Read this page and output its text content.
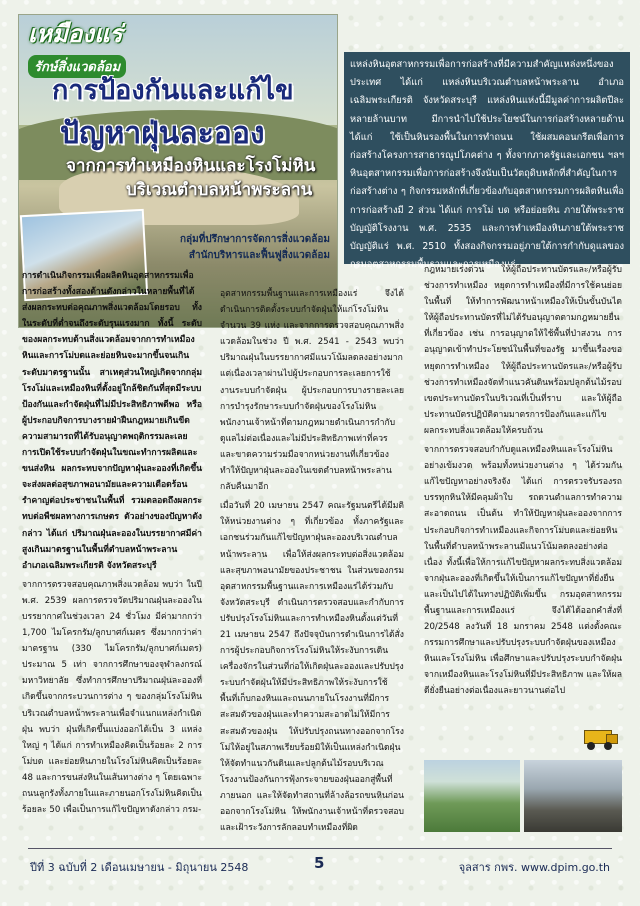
เหมืองแร่
รักษ์สิ่งแวดล้อม
การป้องกันและแก้ไข
ปัญหาฝุ่นละออง
จากการทำเหมืองหินและโรงโม่หิน
บริเวณตำบลหน้าพระลาน
กลุ่มที่ปรึกษาการจัดการสิ่งแวดล้อม
สำนักบริหารและฟื้นฟูสิ่งแวดล้อม
แหล่งหินอุตสาหกรรมเพื่อการก่อสร้างที่มีความสำคัญแหล่งหนึ่งของประเทศ ได้แก่ แหล่งหินบริเวณตำบลหน้าพระลาน อำเภอเฉลิมพระเกียรติ จังหวัดสระบุรี แหล่งหินแห่งนี้มีมูลค่าการผลิตปีละหลายล้านบาท มีการนำไปใช้ประโยชน์ในการก่อสร้างหลายด้าน ได้แก่ ใช้เป็นหินรองพื้นในการทำถนน ใช้ผสมคอนกรีตเพื่อการก่อสร้างโครงการสาธารณูปโภคต่าง ๆ ทั้งจากภาครัฐและเอกชน ฯลฯ หินอุตสาหกรรมเพื่อการก่อสร้างจึงนับเป็นวัตถุดิบหลักที่สำคัญในการก่อสร้างต่าง ๆ กิจกรรมหลักที่เกี่ยวข้องกับอุตสาหกรรมการผลิตหินเพื่อการก่อสร้างมี 2 ส่วน ได้แก่ การโม่ บด หรือย่อยหิน ภายใต้พระราชบัญญัติโรงงาน พ.ศ. 2535 และการทำเหมืองหินภายใต้พระราชบัญญัติแร่ พ.ศ. 2510 ทั้งสองกิจกรรมอยู่ภายใต้การกำกับดูแลของ กรมอุตสาหกรรมพื้นฐานและการเหมืองแร่

การดำเนินกิจกรรมเพื่อผลิตหินอุตสาหกรรมเพื่อการก่อสร้างทั้งสองด้านดังกล่าวในหลายพื้นที่ได้ส่งผลกระทบต่อคุณภาพสิ่งแวดล้อมโดยรอบ ทั้งในระดับที่ต่ำจนถึงระดับรุนแรงมาก ทั้งนี้ ระดับของผลกระทบด้านสิ่งแวดล้อมจากการทำเหมืองหินและการโม่บดและย่อยหินจะมากขึ้นจนเกินระดับมาตรฐานนั้น สาเหตุส่วนใหญ่เกิดจากกลุ่มโรงโม่และเหมืองหินที่ตั้งอยู่ใกล้ชิดกันที่สุดมีระบบป้องกันและกำจัดฝุ่นที่ไม่มีประสิทธิภาพดีพอ หรือผู้ประกอบกิจการบางรายฝ่าฝืนกฎหมายเกินขีดความสามารถที่ได้รับอนุญาตพฤติกรรมละเลยการเปิดใช้ระบบกำจัดฝุ่นในขณะทำการผลิตและขนส่งหิน ผลกระทบจากปัญหาฝุ่นละอองที่เกิดขึ้นจะส่งผลต่อสุขภาพอนามัยและความเดือดร้อนรำคาญต่อประชาชนในพื้นที่ รวมตลอดถึงผลกระทบต่อพืชผลทางการเกษตร ตัวอย่างของปัญหาดังกล่าว ได้แก่ ปริมาณฝุ่นละอองในบรรยากาศมีค่าสูงเกินมาตรฐานในพื้นที่ตำบลหน้าพระลาน อำเภอเฉลิมพระเกียรติ จังหวัดสระบุรี

จากการตรวจสอบคุณภาพสิ่งแวดล้อม พบว่า ในปี พ.ศ. 2539 ผลการตรวจวัดปริมาณฝุ่นละอองในบรรยากาศในช่วงเวลา 24 ชั่วโมง มีค่ามากกว่า 1,700 ไมโครกรัม/ลูกบาศก์เมตร ซึ่งมากกว่าค่ามาตรฐาน (330 ไมโครกรัม/ลูกบาศก์เมตร) ประมาณ 5 เท่า จากการศึกษาของจุฬาลงกรณ์มหาวิทยาลัย ซึ่งทำการศึกษาปริมาณฝุ่นละอองที่เกิดขึ้นจากกระบวนการต่าง ๆ ของกลุ่มโรงโม่หินบริเวณตำบลหน้าพระลานเพื่อจำแนกแหล่งกำเนิดฝุ่น พบว่า ฝุ่นที่เกิดขึ้นแบ่งออกได้เป็น 3 แหล่งใหญ่ ๆ ได้แก่ การทำเหมืองคิดเป็นร้อยละ 2 การโม่บด และย่อยหินภายในโรงโม่หินคิดเป็นร้อยละ 48 และการขนส่งหินในเส้นทางต่าง ๆ โดยเฉพาะถนนลูกรังทั้งภายในและภายนอกโรงโม่หินคิดเป็นร้อยละ 50 เพื่อเป็นการแก้ไขปัญหาดังกล่าว กรม-

อุตสาหกรรมพื้นฐานและการเหมืองแร่ จึงได้ดำเนินการติดตั้งระบบกำจัดฝุ่นให้แก่โรงโม่หินจำนวน 39 แห่ง และจากการตรวจสอบคุณภาพสิ่งแวดล้อมในช่วง ปี พ.ศ. 2541 - 2543 พบว่า ปริมาณฝุ่นในบรรยากาศมีแนวโน้มลดลงอย่างมาก แต่เนื่องเวลาผ่านไปผู้ประกอบการละเลยการใช้งานระบบกำจัดฝุ่น ผู้ประกอบการบางรายละเลยการบำรุงรักษาระบบกำจัดฝุ่นของโรงโม่หิน พนักงานเจ้าหน้าที่ตามกฎหมายดำเนินการกำกับดูแลไม่ต่อเนื่องและไม่มีประสิทธิภาพเท่าที่ควร และขาดความร่วมมือจากหน่วยงานที่เกี่ยวข้อง ทำให้ปัญหาฝุ่นละอองในเขตตำบลหน้าพระลานกลับคืนมาอีก

เมื่อวันที่ 20 เมษายน 2547 คณะรัฐมนตรีได้มีมติให้หน่วยงานต่าง ๆ ที่เกี่ยวข้อง ทั้งภาครัฐและเอกชนร่วมกันแก้ไขปัญหาฝุ่นละอองบริเวณตำบลหน้าพระลาน เพื่อให้ส่งผลกระทบต่อสิ่งแวดล้อมและสุขภาพอนามัยของประชาชน ในส่วนของกรมอุตสาหกรรมพื้นฐานและการเหมืองแร่ได้ร่วมกับจังหวัดสระบุรี ดำเนินการตรวจสอบและกำกับการปรับปรุงโรงโม่หินและการทำเหมืองหินตั้งแต่วันที่ 21 เมษายน 2547 ถึงปัจจุบันการดำเนินการได้สั่งการผู้ประกอบกิจการโรงโม่หินให้ระงับการเดินเครื่องจักรในส่วนที่ก่อให้เกิดฝุ่นละอองและปรับปรุงระบบกำจัดฝุ่นให้มีประสิทธิภาพให้ระงับการใช้พื้นที่เก็บกองหินและถนนภายในโรงงานที่มีการสะสมตัวของฝุ่นและทำความสะอาดไม่ให้มีการสะสมตัวของฝุ่น ให้ปรับปรุงถนนทางออกจากโรงโม่ให้อยู่ในสภาพเรียบร้อยมิให้เป็นแหล่งกำเนิดฝุ่น ให้จัดทำแนวกันดินและปลูกต้นไม้รอบบริเวณโรงงานป้องกันการฟุ้งกระจายของฝุ่นออกสู่พื้นที่ภายนอก และให้จัดทำสถานที่ล้างล้อรถขนหินก่อนออกจากโรงโม่หิน ให้พนักงานเจ้าหน้าที่ตรวจสอบและเฝ้าระวังการลักลอบทำเหมืองที่ผิด

กฎหมายเร่งด่วน ให้ผู้ถือประทานบัตรและ/หรือผู้รับช่วงการทำเหมือง หยุดการทำเหมืองที่มีการใช้คนย่อยในพื้นที่ ให้ทำการพัฒนาหน้าเหมืองให้เป็นขั้นบันได ให้ผู้ถือประทานบัตรที่ไม่ได้รับอนุญาตตามกฎหมายยื่นที่เกี่ยวข้อง เช่น การอนุญาตให้ใช้พื้นที่ป่าสงวน การอนุญาตเข้าทำประโยชน์ในพื้นที่ของรัฐ มาขึ้นเรื่องขอหยุดการทำเหมือง ให้ผู้ถือประทานบัตรและ/หรือผู้รับช่วงการทำเหมืองจัดทำแนวคันดินพร้อมปลูกต้นไม้รอบเขตประทานบัตรในบริเวณที่เป็นที่ราบ และให้ผู้ถือประทานบัตรปฏิบัติตามมาตรการป้องกันและแก้ไขผลกระทบสิ่งแวดล้อมให้ครบถ้วน

จากการตรวจสอบกำกับดูแลเหมืองหินและโรงโม่หินอย่างเข้มงวด พร้อมทั้งหน่วยงานต่าง ๆ ได้ร่วมกันแก้ไขปัญหาอย่างจริงจัง ได้แก่ การตรวจรับรองรถบรรทุกหินให้มีคลุมผ้าใบ รถดวนตำแลการทำความสะอาดถนน เป็นต้น ทำให้ปัญหาฝุ่นละอองจากการประกอบกิจการทำเหมืองและกิจการโม่บดและย่อยหินในพื้นที่ตำบลหน้าพระลานมีแนวโน้มลดลงอย่างต่อเนื่อง ทั้งนี้เพื่อให้การแก้ไขปัญหาผลกระทบสิ่งแวดล้อมจากฝุ่นละอองที่เกิดขึ้นให้เป็นการแก้ไขปัญหาที่ยั่งยืนและเป็นไปได้ในทางปฏิบัติเพิ่มขึ้น กรมอุตสาหกรรมพื้นฐานและการเหมืองแร่ จึงได้ได้ออกคำสั่งที่ 20/2548 ลงวันที่ 18 มกราคม 2548 แต่งตั้งคณะกรรมการศึกษาและปรับปรุงระบบกำจัดฝุ่นของเหมืองหินและโรงโม่หิน เพื่อศึกษาและปรับปรุงระบบกำจัดฝุ่นจากเหมืองหินและโรงโม่หินที่มีประสิทธิภาพ และให้ผลดียั่งยืนอย่างต่อเนื่องและยาวนานต่อไป

ปีที่ 3 ฉบับที่ 2 เดือนเมษายน - มิถุนายน 2548	5	จุลสาร กพร. www.dpim.go.th
